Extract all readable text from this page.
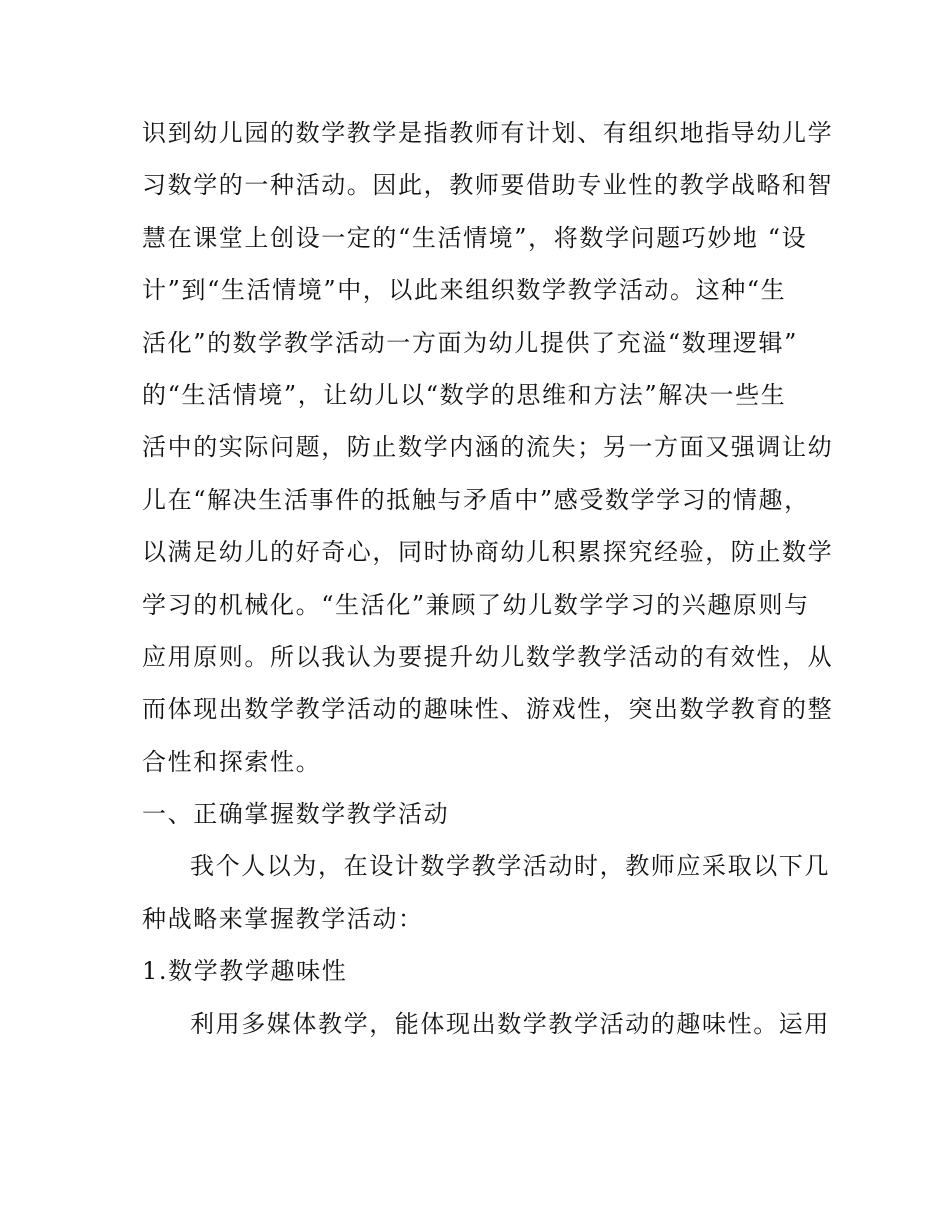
识到幼儿园的数学教学是指教师有计划、有组织地指导幼儿学
习数学的一种活动。因此，教师要借助专业性的教学战略和智
慧在课堂上创设一定的“生活情境”，将数学问题巧妙地 “设
计”到“生活情境”中，以此来组织数学教学活动。这种“生
活化”的数学教学活动一方面为幼儿提供了充溢“数理逻辑”
的“生活情境”，让幼儿以“数学的思维和方法”解决一些生
活中的实际问题，防止数学内涵的流失；另一方面又强调让幼
儿在“解决生活事件的抵触与矛盾中”感受数学学习的情趣，
以满足幼儿的好奇心，同时协商幼儿积累探究经验，防止数学
学习的机械化。“生活化”兼顾了幼儿数学学习的兴趣原则与
应用原则。所以我认为要提升幼儿数学教学活动的有效性，从
而体现出数学教学活动的趣味性、游戏性，突出数学教育的整
合性和探索性。
一、正确掌握数学教学活动
我个人以为，在设计数学教学活动时，教师应采取以下几
种战略来掌握教学活动：
1.数学教学趣味性
利用多媒体教学，能体现出数学教学活动的趣味性。运用
